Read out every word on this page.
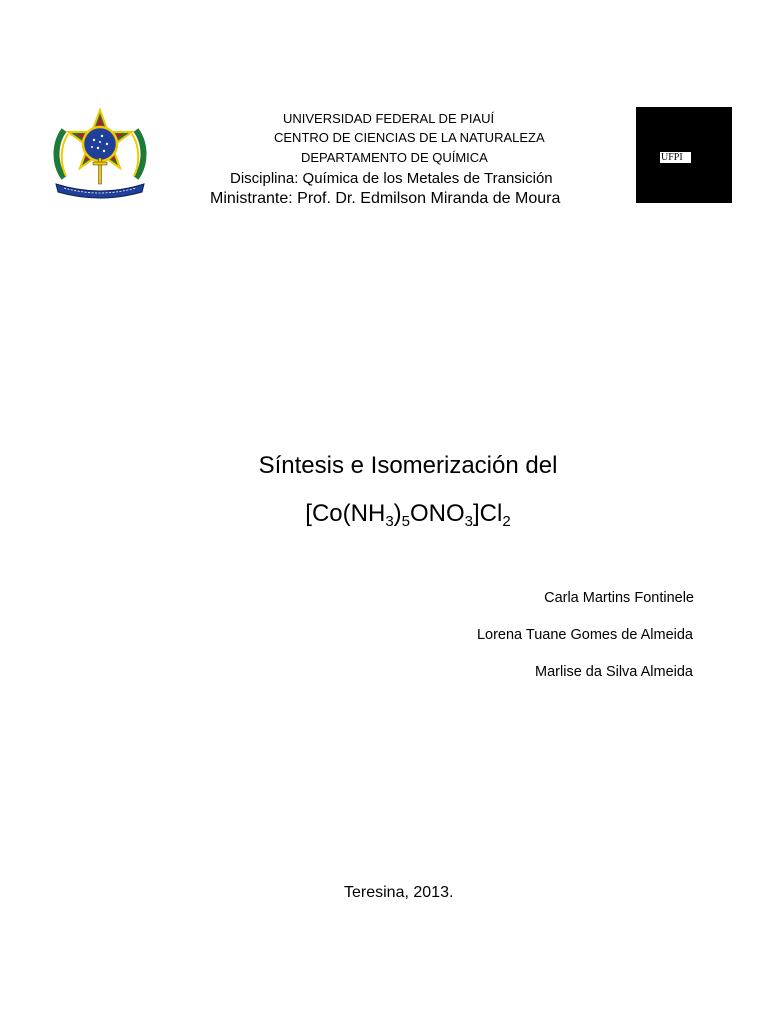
UNIVERSIDAD FEDERAL DE PIAUÍ
CENTRO DE CIENCIAS DE LA NATURALEZA
DEPARTAMENTO DE QUÍMICA
Disciplina: Química de los Metales de Transición
Ministrante: Prof. Dr. Edmilson Miranda de Moura

UFPI
Síntesis e Isomerización del
$[Co(NH_3)_5ONO_3]Cl_2$
Carla Martins Fontinele
Lorena Tuane Gomes de Almeida
Marlise da Silva Almeida
Teresina, 2013.
